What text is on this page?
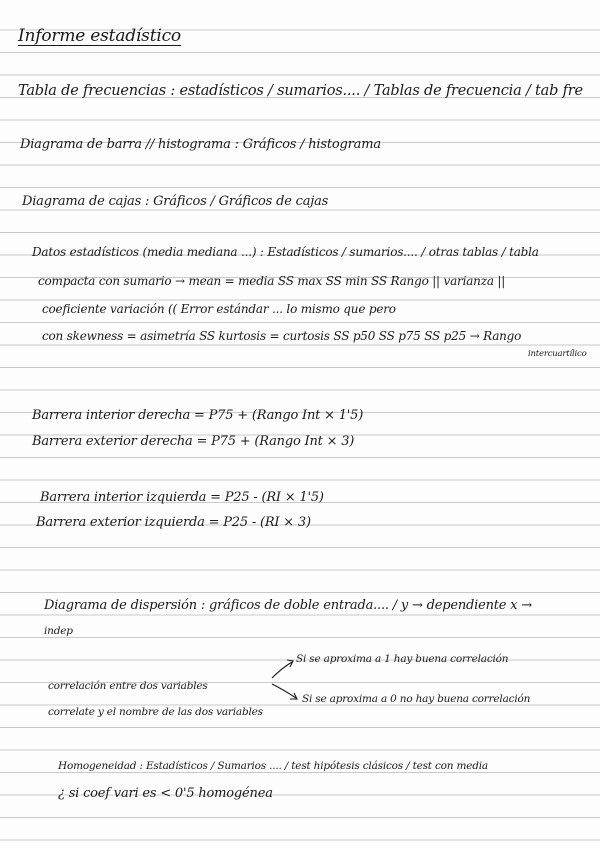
Informe estadístico
Tabla de frecuencias : estadísticos / sumarios.... / Tablas de frecuencia / tab fre
Diagrama de barra // histograma : Gráficos / histograma
Diagrama de cajas : Gráficos / Gráficos de cajas
Datos estadísticos (media mediana ...) : Estadísticos / sumarios.... / otras tablas / tabla
compacta con sumario → mean = media SS max SS min SS Rango || varianza ||
coeficiente variación (( Error estándar ... lo mismo que pero
con skewness = asimetría SS kurtosis = curtosis SS p50 SS p75 SS p25 → Rango
intercuartílico
Barrera interior derecha = P75 + (Rango Int × 1'5)
Barrera exterior derecha = P75 + (Rango Int × 3)
Barrera interior izquierda = P25 - (RI × 1'5)
Barrera exterior izquierda = P25 - (RI × 3)
Diagrama de dispersión : gráficos de doble entrada.... / y → dependiente x →
indep
Si se aproxima a 1 hay buena correlación
correlación entre dos variables
Si se aproxima a 0 no hay buena correlación
correlate y el nombre de las dos variables
Homogeneidad : Estadísticos / Sumarios .... / test hipótesis clásicos / test con media
¿ si coef vari es < 0'5 homogénea
